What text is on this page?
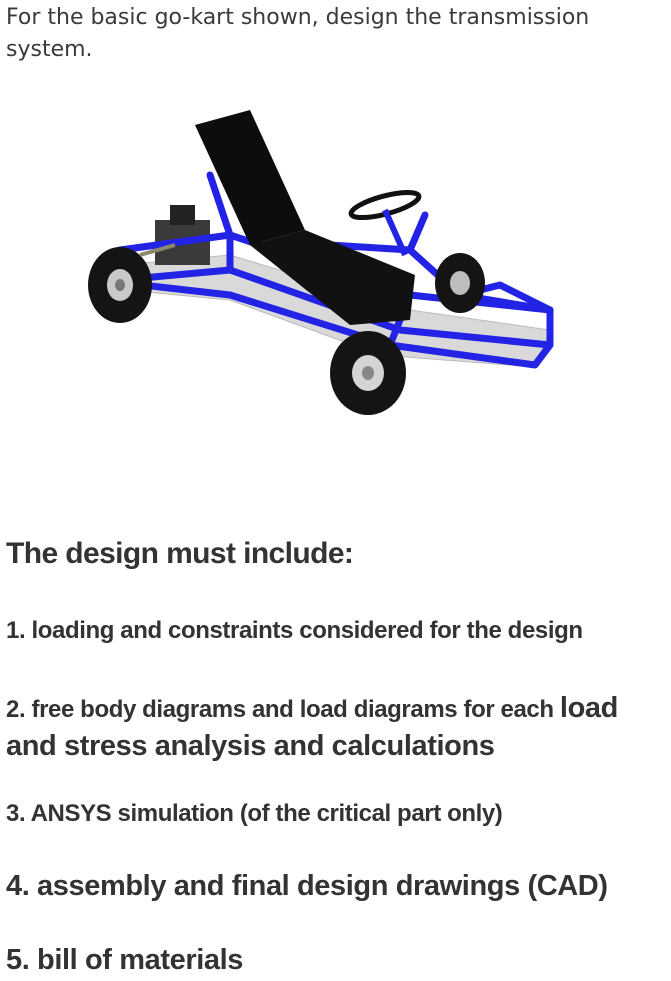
For the basic go-kart shown, design the transmission system.

The design must include:

1. loading and constraints considered for the design

2. free body diagrams and load diagrams for each load
and stress analysis and calculations

3. ANSYS simulation (of the critical part only)

4. assembly and final design drawings (CAD)

5. bill of materials
